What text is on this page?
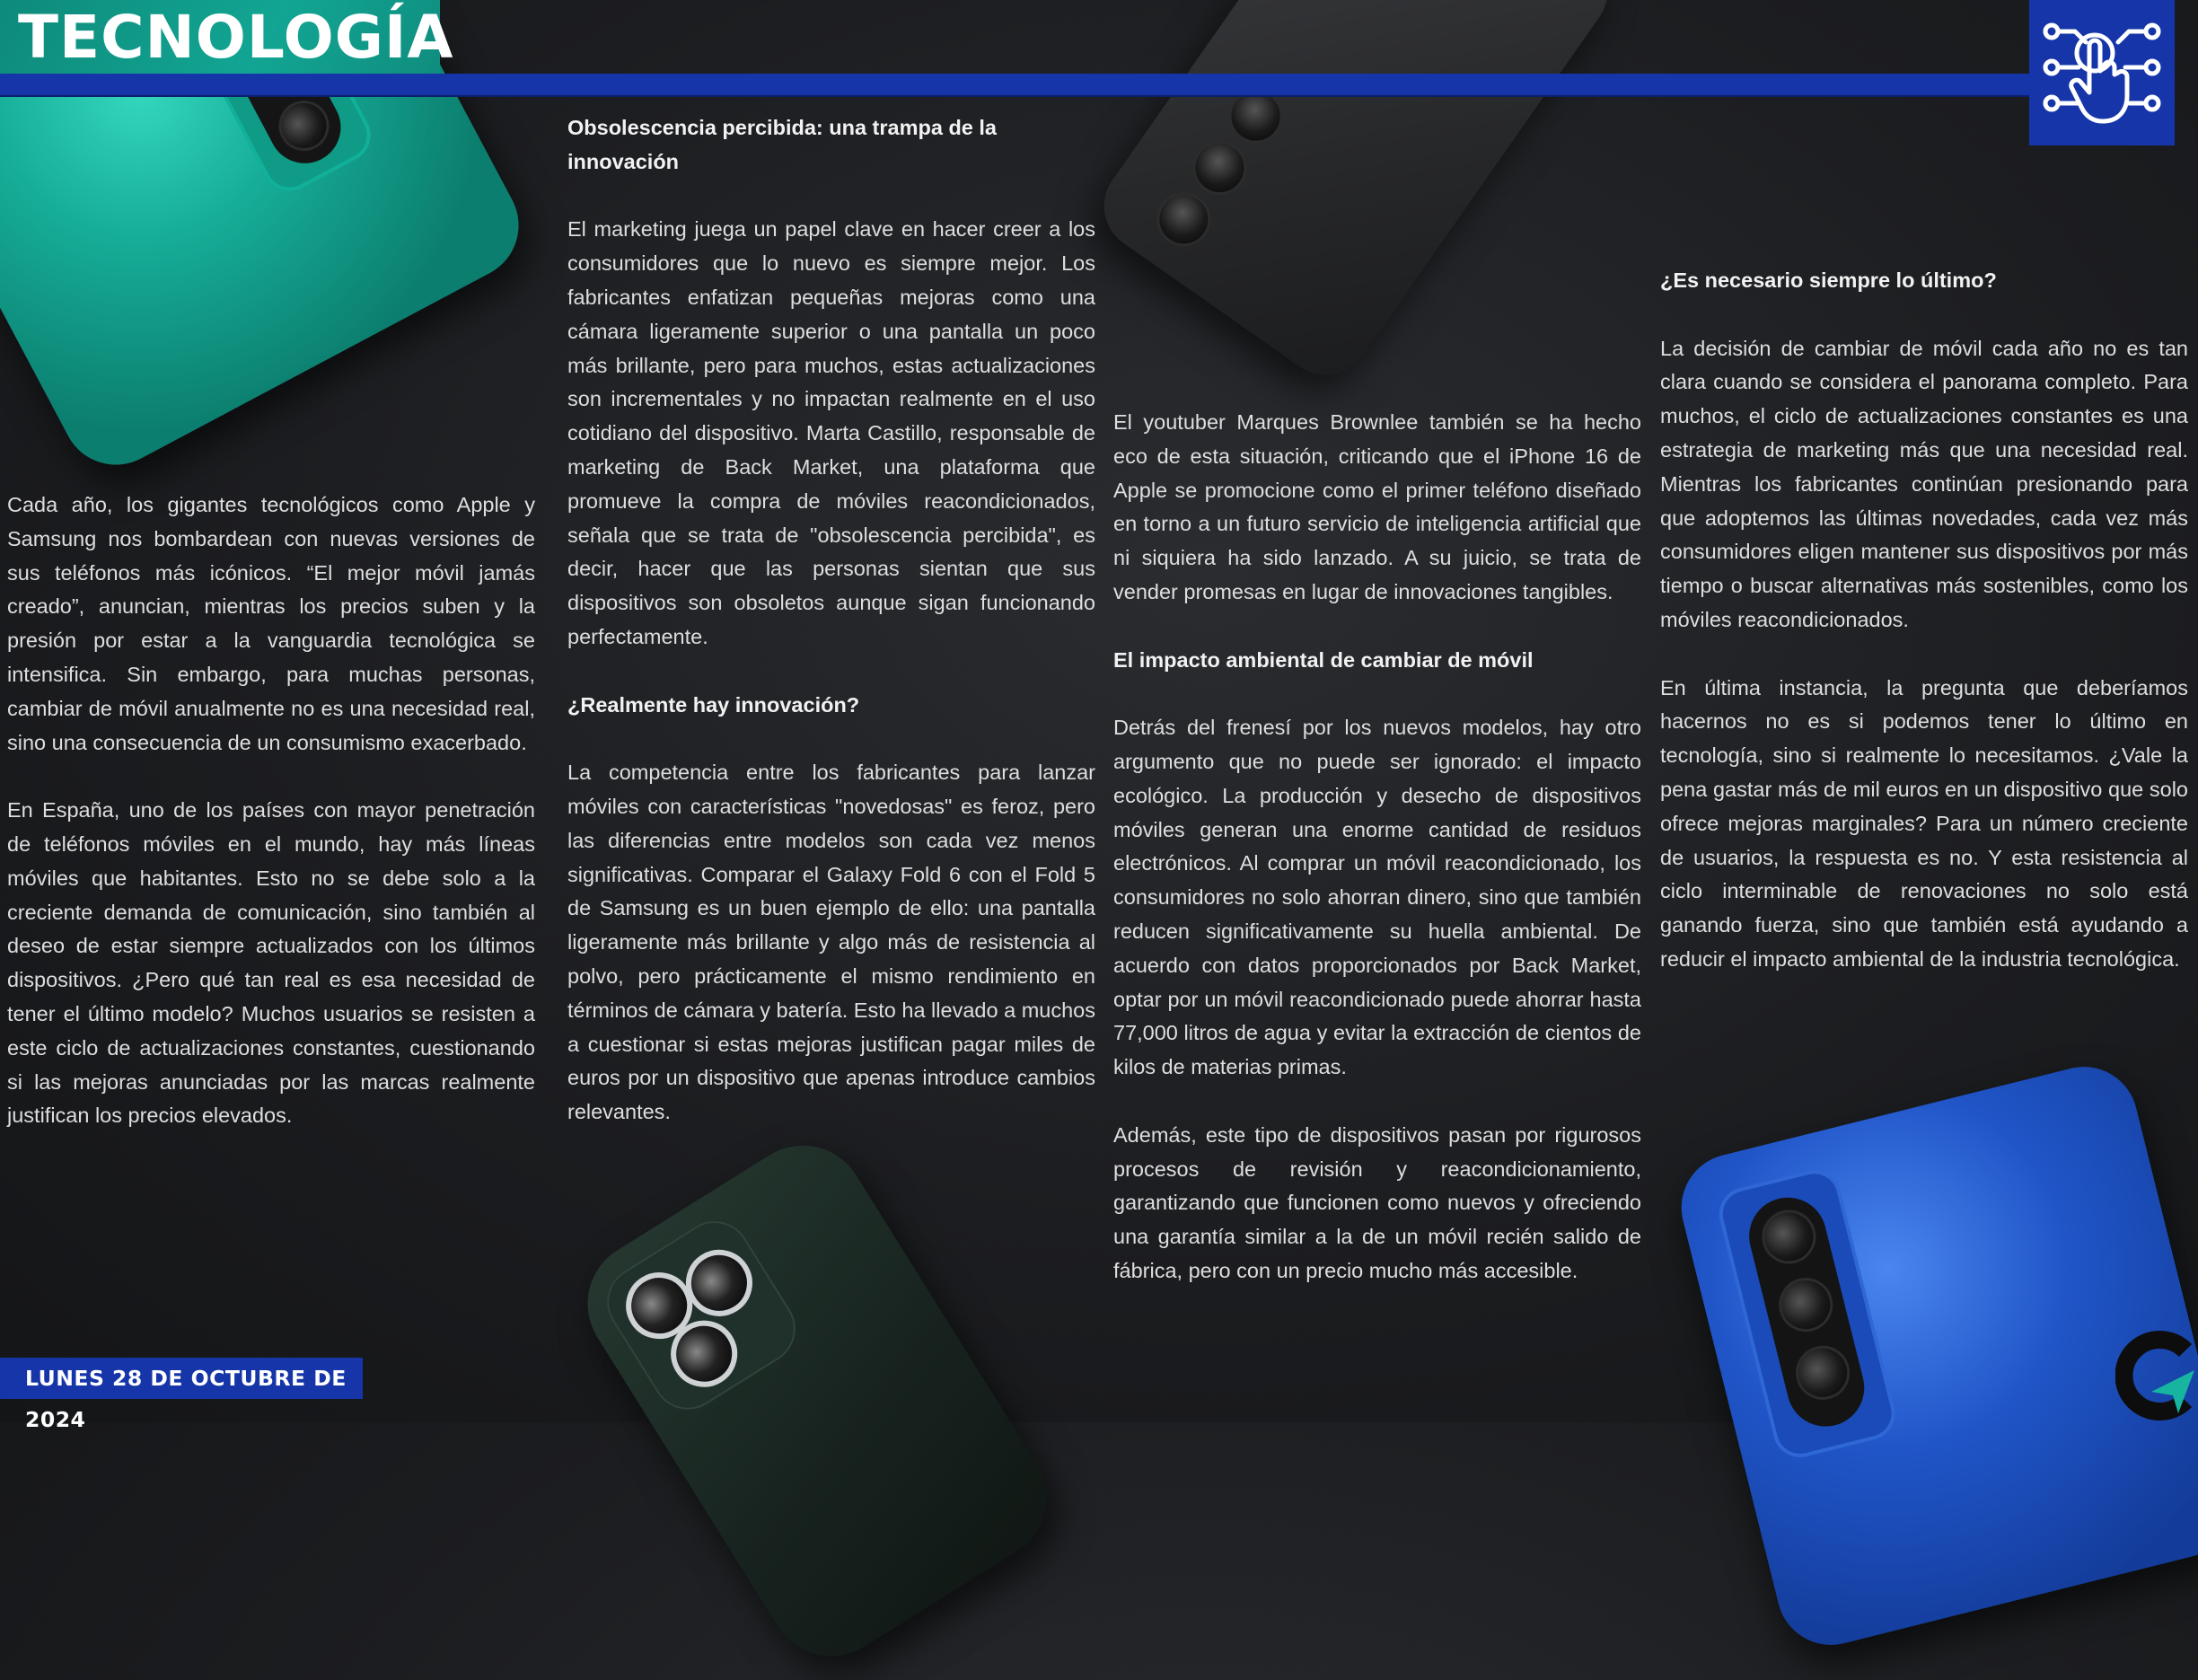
TECNOLOGÍA

Cada año, los gigantes tecnológicos como Apple y Samsung nos bombardean con nuevas versiones de sus teléfonos más icónicos. “El mejor móvil jamás creado”, anuncian, mientras los precios suben y la presión por estar a la vanguardia tecnológica se intensifica. Sin embargo, para muchas personas, cambiar de móvil anualmente no es una necesidad real, sino una consecuencia de un consumismo exacerbado.

En España, uno de los países con mayor penetración de teléfonos móviles en el mundo, hay más líneas móviles que habitantes. Esto no se debe solo a la creciente demanda de comunicación, sino también al deseo de estar siempre actualizados con los últimos dispositivos. ¿Pero qué tan real es esa necesidad de tener el último modelo? Muchos usuarios se resisten a este ciclo de actualizaciones constantes, cuestionando si las mejoras anunciadas por las marcas realmente justifican los precios elevados.

Obsolescencia percibida: una trampa de la innovación

El marketing juega un papel clave en hacer creer a los consumidores que lo nuevo es siempre mejor. Los fabricantes enfatizan pequeñas mejoras como una cámara ligeramente superior o una pantalla un poco más brillante, pero para muchos, estas actualizaciones son incrementales y no impactan realmente en el uso cotidiano del dispositivo. Marta Castillo, responsable de marketing de Back Market, una plataforma que promueve la compra de móviles reacondicionados, señala que se trata de "obsolescencia percibida", es decir, hacer que las personas sientan que sus dispositivos son obsoletos aunque sigan funcionando perfectamente.

¿Realmente hay innovación?

La competencia entre los fabricantes para lanzar móviles con características "novedosas" es feroz, pero las diferencias entre modelos son cada vez menos significativas. Comparar el Galaxy Fold 6 con el Fold 5 de Samsung es un buen ejemplo de ello: una pantalla ligeramente más brillante y algo más de resistencia al polvo, pero prácticamente el mismo rendimiento en términos de cámara y batería. Esto ha llevado a muchos a cuestionar si estas mejoras justifican pagar miles de euros por un dispositivo que apenas introduce cambios relevantes.

El youtuber Marques Brownlee también se ha hecho eco de esta situación, criticando que el iPhone 16 de Apple se promocione como el primer teléfono diseñado en torno a un futuro servicio de inteligencia artificial que ni siquiera ha sido lanzado. A su juicio, se trata de vender promesas en lugar de innovaciones tangibles.

El impacto ambiental de cambiar de móvil

Detrás del frenesí por los nuevos modelos, hay otro argumento que no puede ser ignorado: el impacto ecológico. La producción y desecho de dispositivos móviles generan una enorme cantidad de residuos electrónicos. Al comprar un móvil reacondicionado, los consumidores no solo ahorran dinero, sino que también reducen significativamente su huella ambiental. De acuerdo con datos proporcionados por Back Market, optar por un móvil reacondicionado puede ahorrar hasta 77,000 litros de agua y evitar la extracción de cientos de kilos de materias primas.

Además, este tipo de dispositivos pasan por rigurosos procesos de revisión y reacondicionamiento, garantizando que funcionen como nuevos y ofreciendo una garantía similar a la de un móvil recién salido de fábrica, pero con un precio mucho más accesible.

¿Es necesario siempre lo último?

La decisión de cambiar de móvil cada año no es tan clara cuando se considera el panorama completo. Para muchos, el ciclo de actualizaciones constantes es una estrategia de marketing más que una necesidad real. Mientras los fabricantes continúan presionando para que adoptemos las últimas novedades, cada vez más consumidores eligen mantener sus dispositivos por más tiempo o buscar alternativas más sostenibles, como los móviles reacondicionados.

En última instancia, la pregunta que deberíamos hacernos no es si podemos tener lo último en tecnología, sino si realmente lo necesitamos. ¿Vale la pena gastar más de mil euros en un dispositivo que solo ofrece mejoras marginales? Para un número creciente de usuarios, la respuesta es no. Y esta resistencia al ciclo interminable de renovaciones no solo está ganando fuerza, sino que también está ayudando a reducir el impacto ambiental de la industria tecnológica.

LUNES 28 DE OCTUBRE DE 2024
